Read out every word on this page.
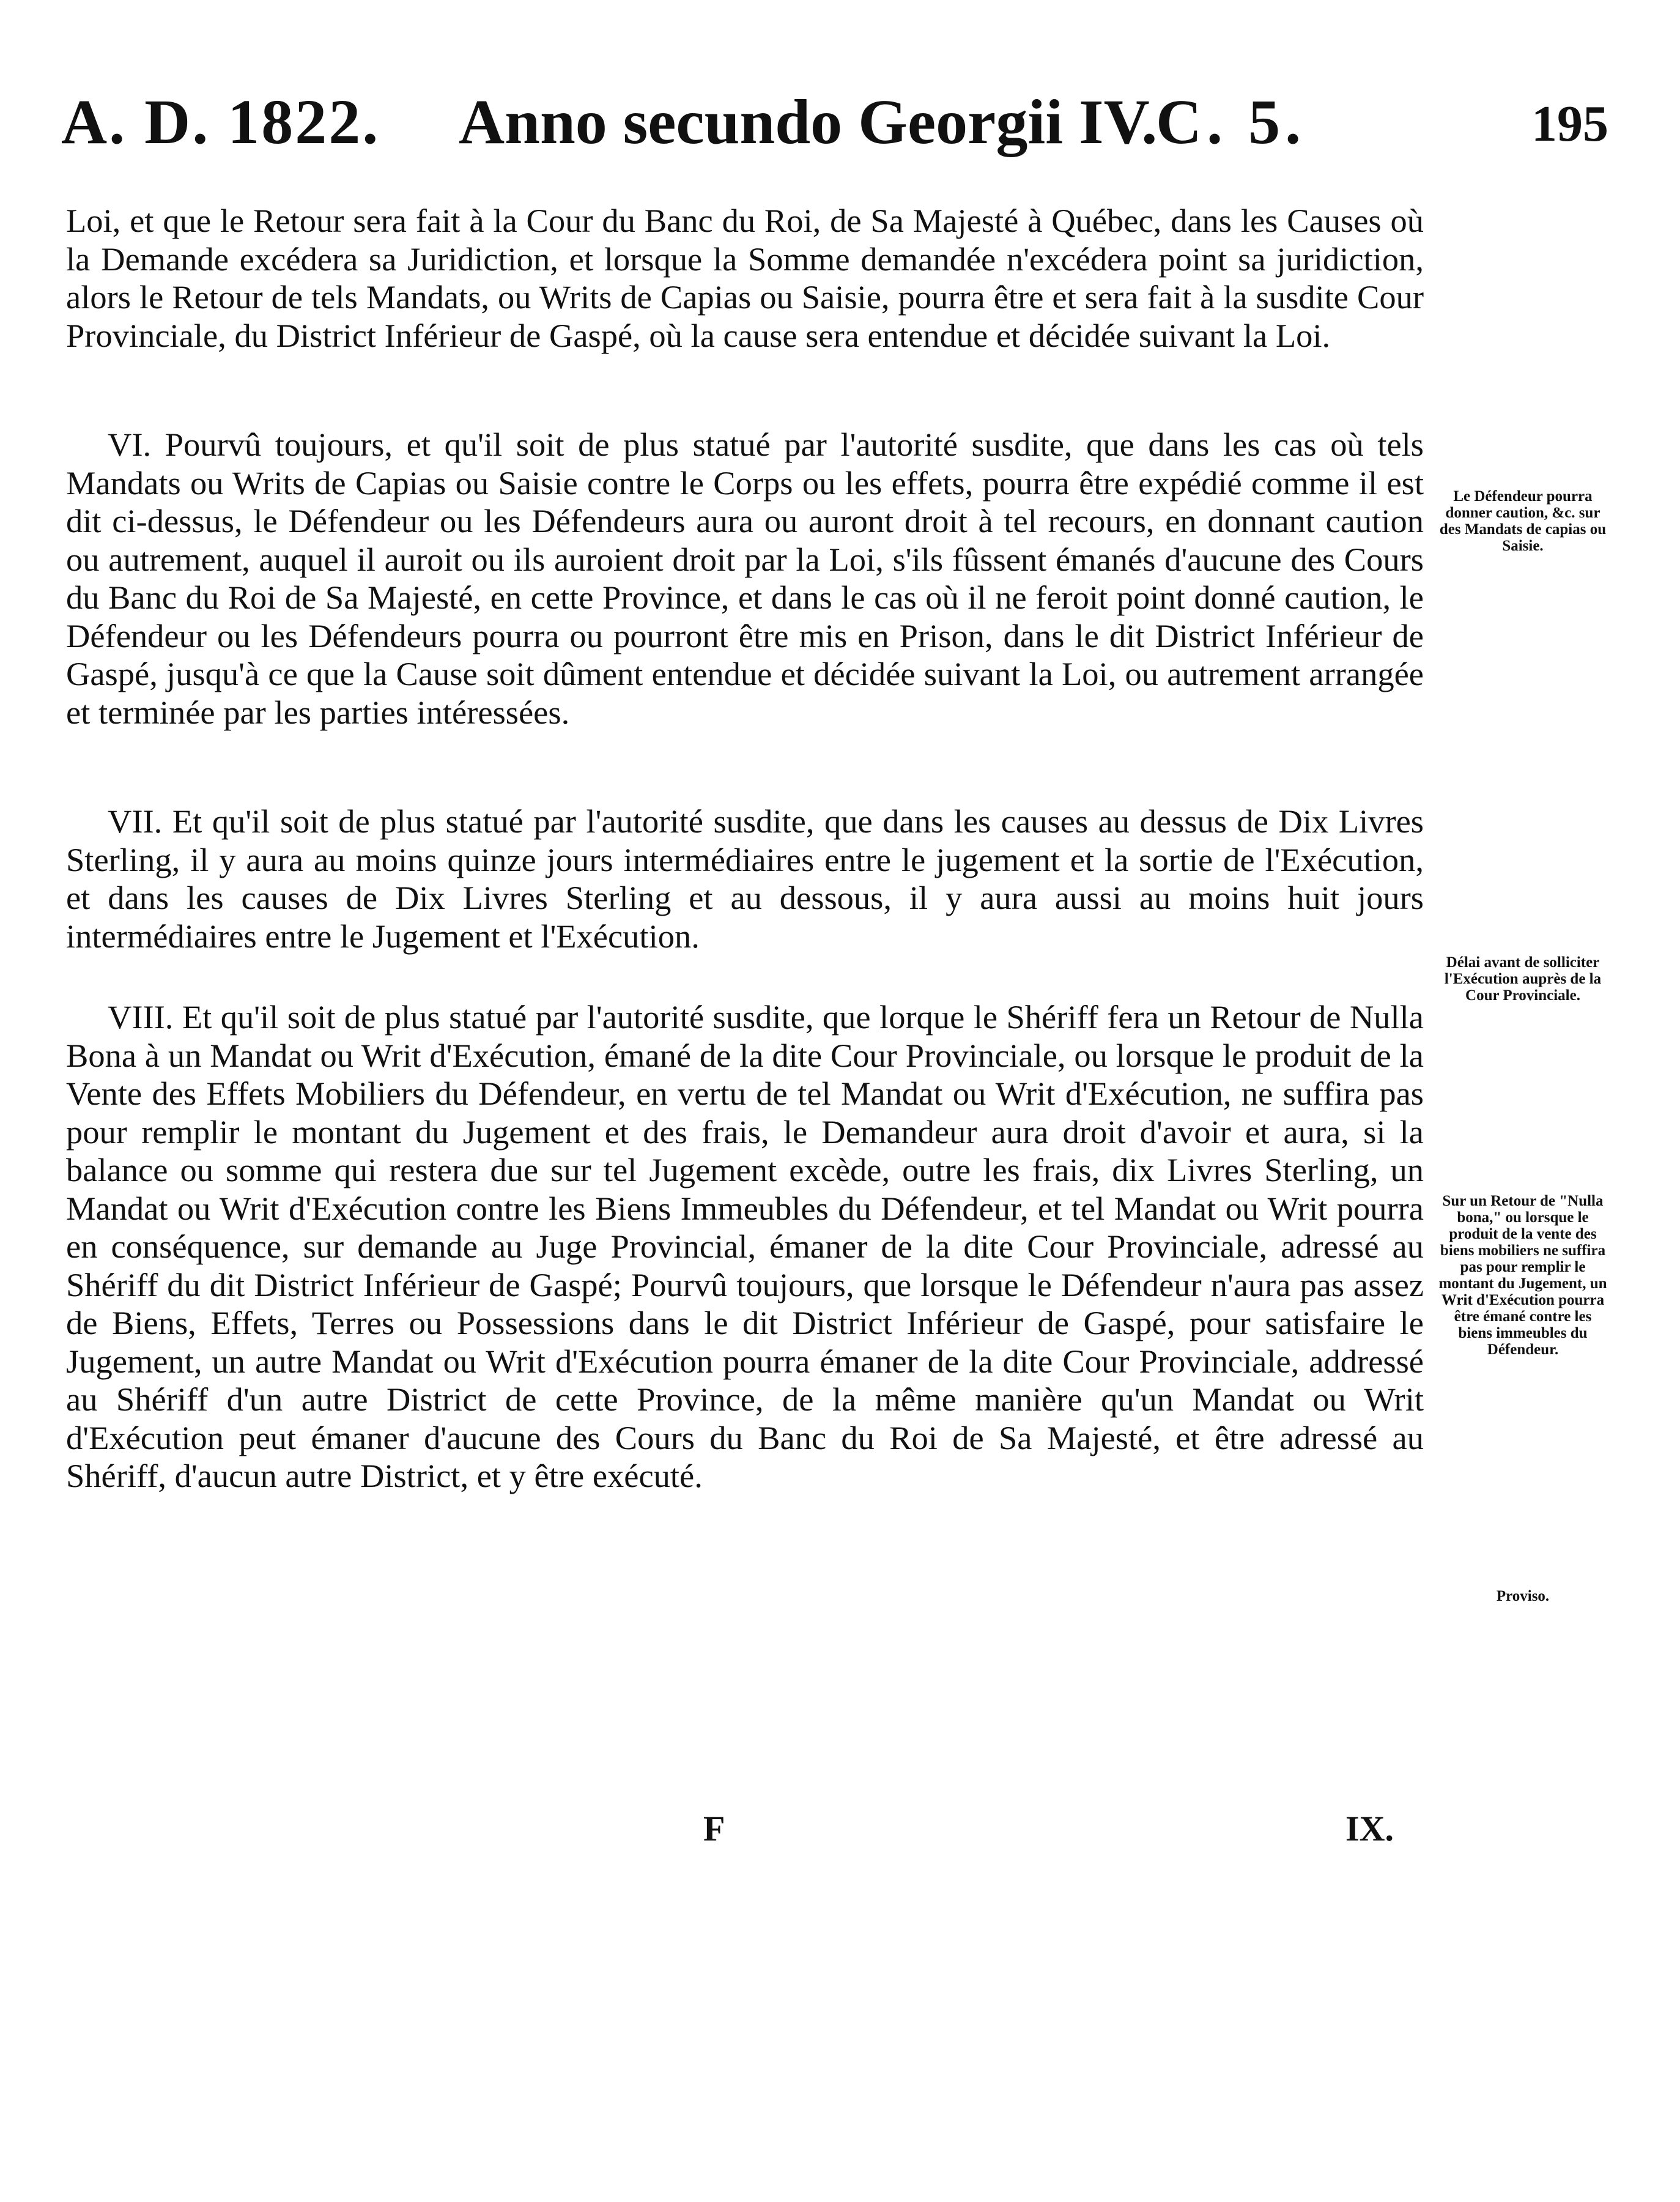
A. D. 1822. Anno secundo Georgii IV.
C. 5.	195

Loi, et que le Retour sera fait à la Cour du Banc du Roi, de Sa Majesté à Québec, dans les Causes où la Demande excédera sa Juridiction, et lorsque la Somme demandée n'excédera point sa juridiction, alors le Retour de tels Mandats, ou Writs de Capias ou Saisie, pourra être et sera fait à la susdite Cour Provinciale, du District Inférieur de Gaspé, où la cause sera entendue et décidée suivant la Loi.

VI. Pourvû toujours, et qu'il soit de plus statué par l'autorité susdite, que dans les cas où tels Mandats ou Writs de Capias ou Saisie contre le Corps ou les effets, pourra être expédié comme il est dit ci-dessus, le Défendeur ou les Défendeurs aura ou auront droit à tel recours, en donnant caution ou autrement, auquel il auroit ou ils auroient droit par la Loi, s'ils fûssent émanés d'aucune des Cours du Banc du Roi de Sa Majesté, en cette Province, et dans le cas où il ne feroit point donné caution, le Défendeur ou les Défendeurs pourra ou pourront être mis en Prison, dans le dit District Inférieur de Gaspé, jusqu'à ce que la Cause soit dûment entendue et décidée suivant la Loi, ou autrement arrangée et terminée par les parties intéressées.

VII. Et qu'il soit de plus statué par l'autorité susdite, que dans les causes au dessus de Dix Livres Sterling, il y aura au moins quinze jours intermédiaires entre le jugement et la sortie de l'Exécution, et dans les causes de Dix Livres Sterling et au dessous, il y aura aussi au moins huit jours intermédiaires entre le Jugement et l'Exécution.

VIII. Et qu'il soit de plus statué par l'autorité susdite, que lorque le Shériff fera un Retour de Nulla Bona à un Mandat ou Writ d'Exécution, émané de la dite Cour Provinciale, ou lorsque le produit de la Vente des Effets Mobiliers du Défendeur, en vertu de tel Mandat ou Writ d'Exécution, ne suffira pas pour remplir le montant du Jugement et des frais, le Demandeur aura droit d'avoir et aura, si la balance ou somme qui restera due sur tel Jugement excède, outre les frais, dix Livres Sterling, un Mandat ou Writ d'Exécution contre les Biens Immeubles du Défendeur, et tel Mandat ou Writ pourra en conséquence, sur demande au Juge Provincial, émaner de la dite Cour Provinciale, adressé au Shériff du dit District Inférieur de Gaspé; Pourvû toujours, que lorsque le Défendeur n'aura pas assez de Biens, Effets, Terres ou Possessions dans le dit District Inférieur de Gaspé, pour satisfaire le Jugement, un autre Mandat ou Writ d'Exécution pourra émaner de la dite Cour Provinciale, addressé au Shériff d'un autre District de cette Province, de la même manière qu'un Mandat ou Writ d'Exécution peut émaner d'aucune des Cours du Banc du Roi de Sa Majesté, et être adressé au Shériff, d'aucun autre District, et y être exécuté.

Le Défendeur pourra donner caution, &c. sur des Mandats de capias ou Saisie.
Délai avant de solliciter l'Exécution auprès de la Cour Provinciale.
Sur un Retour de "Nulla bona," ou lorsque le produit de la vente des biens mobiliers ne suffira pas pour remplir le montant du Jugement, un Writ d'Exécution pourra être émané contre les biens immeubles du Défendeur.
Proviso.
F	IX.
